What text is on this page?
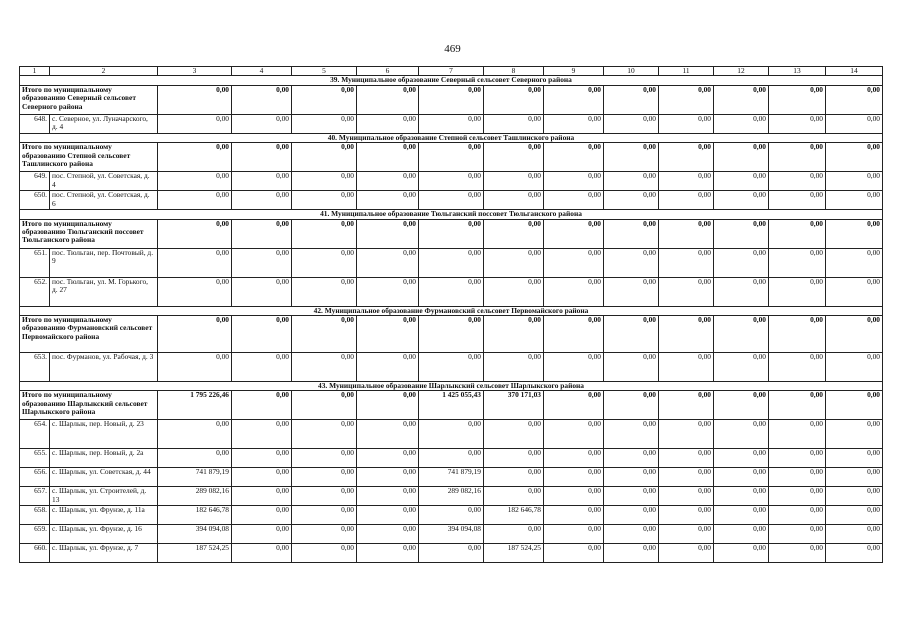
469
1	2	3	4	5	6	7	8	9	10	11	12	13	14
39. Муниципальное образование Северный сельсовет Северного района													
Итого по муниципальному образованию Северный сельсовет Северного района		0,00	0,00	0,00	0,00	0,00	0,00	0,00	0,00	0,00	0,00	0,00	0,00
648.	с. Северное, ул. Луначарского, д. 4	0,00	0,00	0,00	0,00	0,00	0,00	0,00	0,00	0,00	0,00	0,00	0,00
40. Муниципальное образование Степной сельсовет Ташлинского района													
Итого по муниципальному образованию Степной сельсовет Ташлинского района		0,00	0,00	0,00	0,00	0,00	0,00	0,00	0,00	0,00	0,00	0,00	0,00
649.	пос. Степной, ул. Советская, д. 4	0,00	0,00	0,00	0,00	0,00	0,00	0,00	0,00	0,00	0,00	0,00	0,00
650.	пос. Степной, ул. Советская, д. 6	0,00	0,00	0,00	0,00	0,00	0,00	0,00	0,00	0,00	0,00	0,00	0,00
41. Муниципальное образование Тюльганский поссовет Тюльганского района													
Итого по муниципальному образованию Тюльганский поссовет Тюльганского района		0,00	0,00	0,00	0,00	0,00	0,00	0,00	0,00	0,00	0,00	0,00	0,00
651.	пос. Тюльган, пер. Почтовый, д. 9	0,00	0,00	0,00	0,00	0,00	0,00	0,00	0,00	0,00	0,00	0,00	0,00
652.	пос. Тюльган, ул. М. Горького, д. 27	0,00	0,00	0,00	0,00	0,00	0,00	0,00	0,00	0,00	0,00	0,00	0,00
42. Муниципальное образование Фурмановский сельсовет Первомайского района													
Итого по муниципальному образованию Фурмановский сельсовет Первомайского района		0,00	0,00	0,00	0,00	0,00	0,00	0,00	0,00	0,00	0,00	0,00	0,00
653.	пос. Фурманов, ул. Рабочая, д. 3	0,00	0,00	0,00	0,00	0,00	0,00	0,00	0,00	0,00	0,00	0,00	0,00
43. Муниципальное образование Шарлыкский сельсовет Шарлыкского района													
Итого по муниципальному образованию Шарлыкский сельсовет Шарлыкского района		1 795 226,46	0,00	0,00	0,00	1 425 055,43	370 171,03	0,00	0,00	0,00	0,00	0,00	0,00
654.	с. Шарлык, пер. Новый, д. 23	0,00	0,00	0,00	0,00	0,00	0,00	0,00	0,00	0,00	0,00	0,00	0,00
655.	с. Шарлык, пер. Новый, д. 2а	0,00	0,00	0,00	0,00	0,00	0,00	0,00	0,00	0,00	0,00	0,00	0,00
656.	с. Шарлык, ул. Советская, д. 44	741 879,19	0,00	0,00	0,00	741 879,19	0,00	0,00	0,00	0,00	0,00	0,00	0,00
657.	с. Шарлык, ул. Строителей, д. 13	289 082,16	0,00	0,00	0,00	289 082,16	0,00	0,00	0,00	0,00	0,00	0,00	0,00
658.	с. Шарлык, ул. Фрунзе, д. 11а	182 646,78	0,00	0,00	0,00	0,00	182 646,78	0,00	0,00	0,00	0,00	0,00	0,00
659.	с. Шарлык, ул. Фрунзе, д. 16	394 094,08	0,00	0,00	0,00	394 094,08	0,00	0,00	0,00	0,00	0,00	0,00	0,00
660.	с. Шарлык, ул. Фрунзе, д. 7	187 524,25	0,00	0,00	0,00	0,00	187 524,25	0,00	0,00	0,00	0,00	0,00	0,00
